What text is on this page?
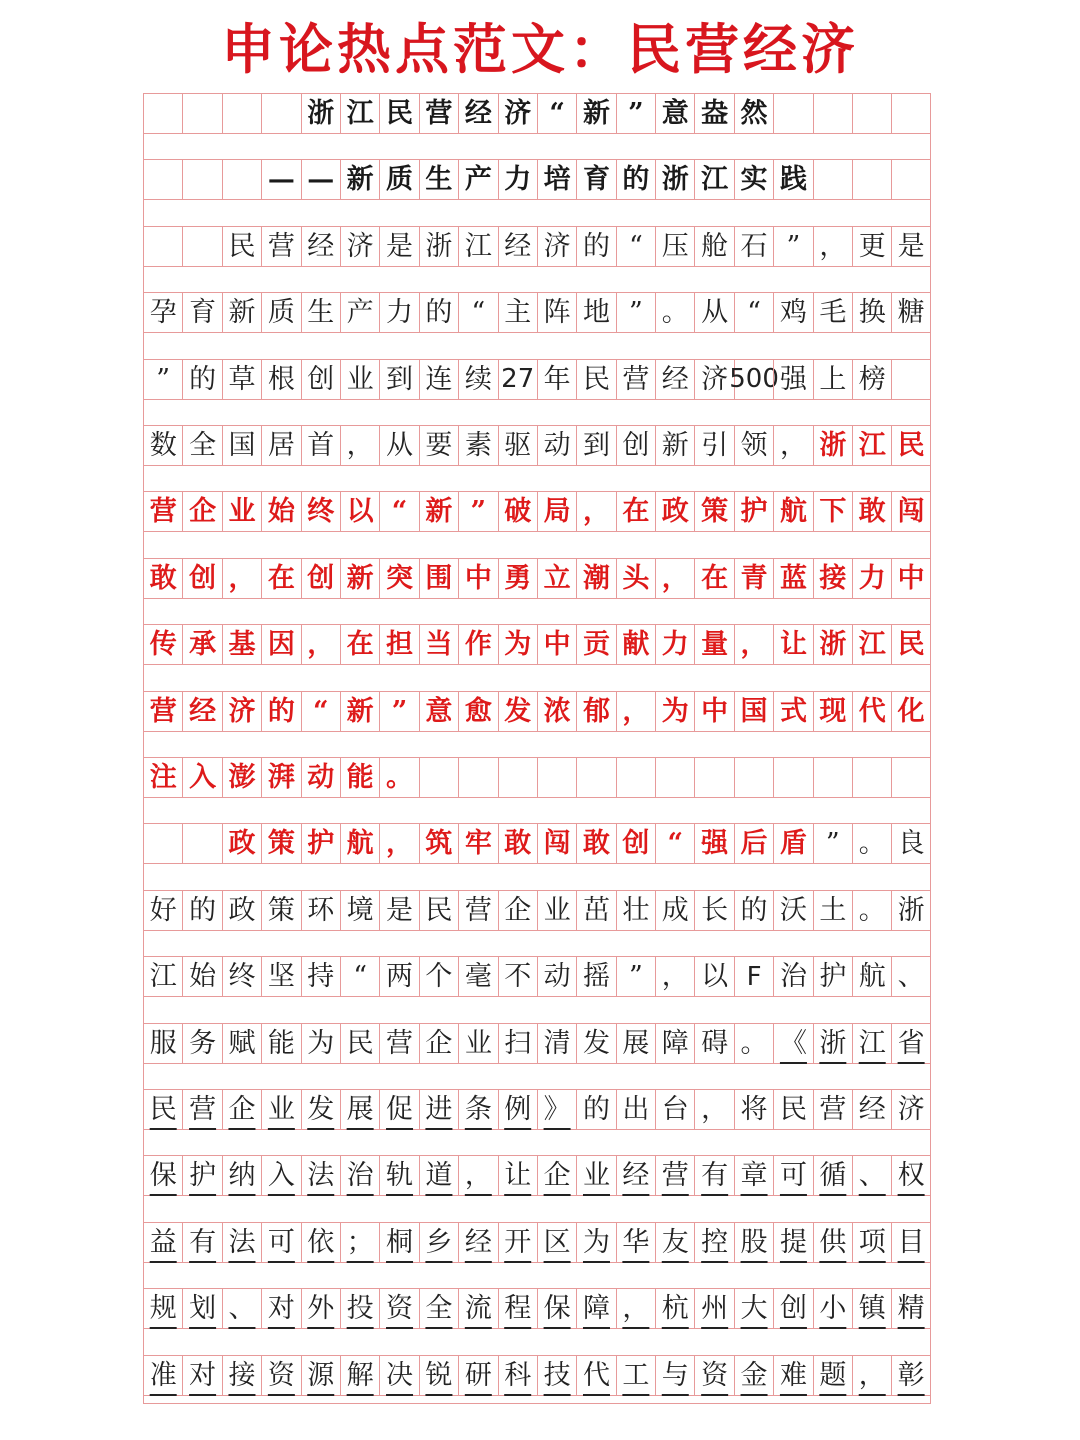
申论热点范文：民营经济
浙 江 民 营 经 济 “ 新 ” 意 盎 然
— — 新 质 生 产 力 培 育 的 浙 江 实 践
民 营 经 济 是 浙 江 经 济 的 “ 压 舱 石 ” ， 更 是
孕 育 新 质 生 产 力 的 “ 主 阵 地 ” 。 从 “ 鸡 毛 换 糖
” 的 草 根 创 业 到 连 续 27 年 民 营 经 济 500 强 上 榜
数 全 国 居 首 ， 从 要 素 驱 动 到 创 新 引 领 ， 浙 江 民
营 企 业 始 终 以 “ 新 ” 破 局 ， 在 政 策 护 航 下 敢 闯
敢 创 ， 在 创 新 突 围 中 勇 立 潮 头 ， 在 青 蓝 接 力 中
传 承 基 因 ， 在 担 当 作 为 中 贡 献 力 量 ， 让 浙 江 民
营 经 济 的 “ 新 ” 意 愈 发 浓 郁 ， 为 中 国 式 现 代 化
注 入 澎 湃 动 能 。
政 策 护 航 ， 筑 牢 敢 闯 敢 创 “ 强 后 盾 ” 。 良
好 的 政 策 环 境 是 民 营 企 业 茁 壮 成 长 的 沃 土 。 浙
江 始 终 坚 持 “ 两 个 毫 不 动 摇 ” ， 以 F 治 护 航 、
服 务 赋 能 为 民 营 企 业 扫 清 发 展 障 碍 。 《 浙 江 省
民 营 企 业 发 展 促 进 条 例 》 的 出 台 ， 将 民 营 经 济
保 护 纳 入 法 治 轨 道 ， 让 企 业 经 营 有 章 可 循 、 权
益 有 法 可 依 ； 桐 乡 经 开 区 为 华 友 控 股 提 供 项 目
规 划 、 对 外 投 资 全 流 程 保 障 ， 杭 州 大 创 小 镇 精
准 对 接 资 源 解 决 锐 研 科 技 代 工 与 资 金 难 题 ， 彰
